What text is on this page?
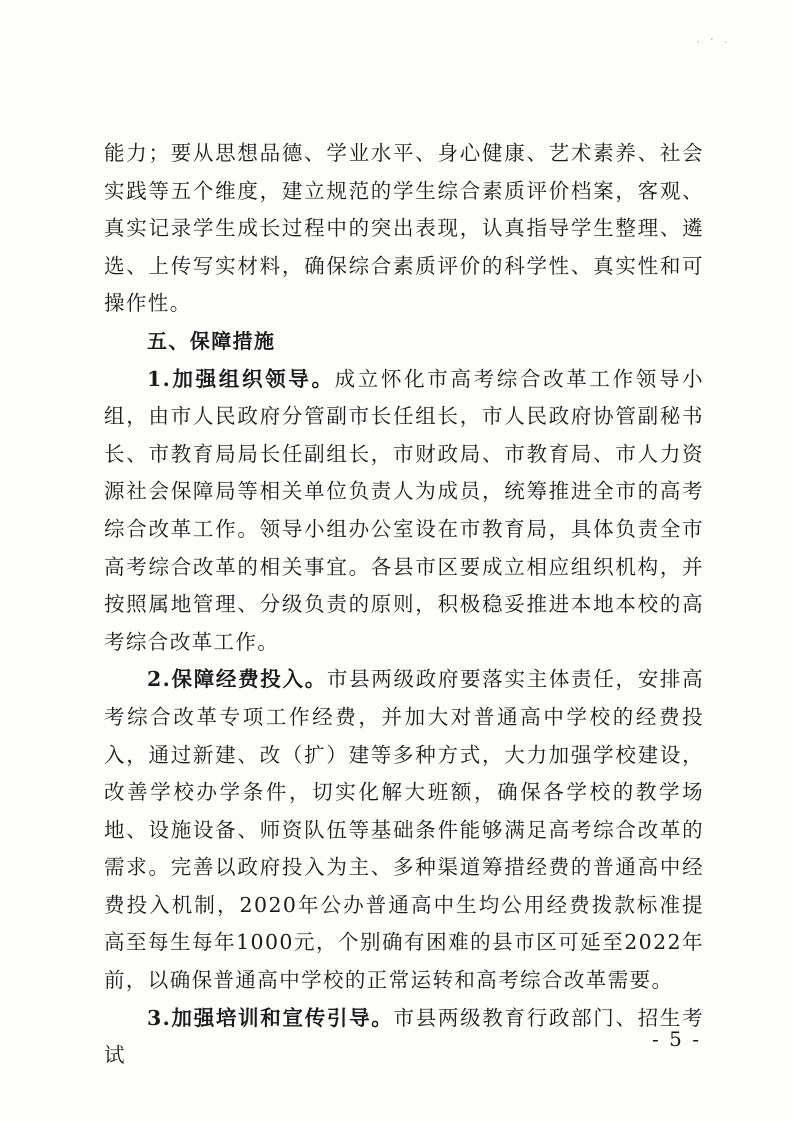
· ’ ·

能力；要从思想品德、学业水平、身心健康、艺术素养、社会实践等五个维度，建立规范的学生综合素质评价档案，客观、真实记录学生成长过程中的突出表现，认真指导学生整理、遴选、上传写实材料，确保综合素质评价的科学性、真实性和可操作性。

五、保障措施

1.加强组织领导。成立怀化市高考综合改革工作领导小组，由市人民政府分管副市长任组长，市人民政府协管副秘书长、市教育局局长任副组长，市财政局、市教育局、市人力资源社会保障局等相关单位负责人为成员，统筹推进全市的高考综合改革工作。领导小组办公室设在市教育局，具体负责全市高考综合改革的相关事宜。各县市区要成立相应组织机构，并按照属地管理、分级负责的原则，积极稳妥推进本地本校的高考综合改革工作。

2.保障经费投入。市县两级政府要落实主体责任，安排高考综合改革专项工作经费，并加大对普通高中学校的经费投入，通过新建、改（扩）建等多种方式，大力加强学校建设，改善学校办学条件，切实化解大班额，确保各学校的教学场地、设施设备、师资队伍等基础条件能够满足高考综合改革的需求。完善以政府投入为主、多种渠道筹措经费的普通高中经费投入机制，2020年公办普通高中生均公用经费拨款标准提高至每生每年1000元，个别确有困难的县市区可延至2022年前，以确保普通高中学校的正常运转和高考综合改革需要。

3.加强培训和宣传引导。市县两级教育行政部门、招生考试

- 5 -
